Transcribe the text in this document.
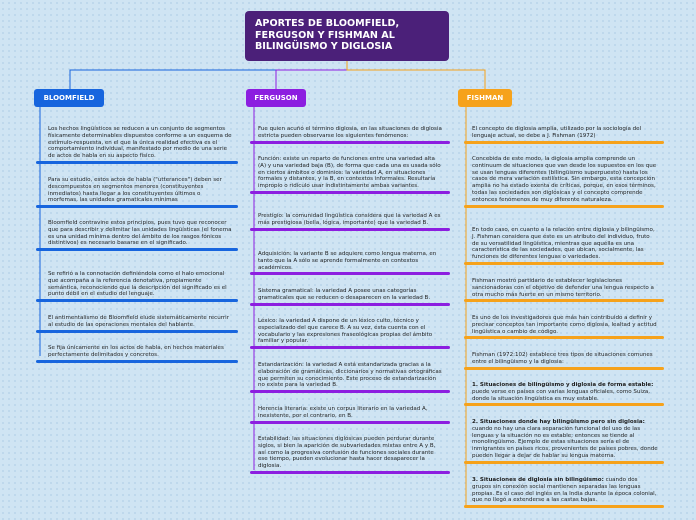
APORTES DE BLOOMFIELD, FERGUSON Y FISHMAN AL BILINGÜISMO Y DIGLOSIA
BLOOMFIELD	FERGUSON	FISHMAN
Los hechos lingüísticos se reducen a un conjunto de segmentos físicamente determinables dispuestos conforme a un esquema de estímulo-respuesta, en el que la única realidad efectiva es el comportamiento individual, manifestado por medio de una serie de actos de habla en su aspecto físico.
Para su estudio, estos actos de habla ("utterances") deben ser descompuestos en segmentos menores (constituyentes inmediatos) hasta llegar a los constituyentes últimos o morfemas, las unidades gramaticales mínimas
Bloomfield contravine estos principios, pues tuvo que reconocer que para describir y delimitar las unidades lingüísticas (el fonema es una unidad mínima dentro del ámbito de los rasgos fónicos distintivos) es necesario basarse en el significado.
Se refirió a la connotación definiéndola como el halo emocional que acompaña a la referencia denotativa, propiamente semántica, reconociendo que la descripción del significado es el punto débil en el estudio del lenguaje.
El antimentalismo de Bloomfield elude sistemáticamente recurrir al estudio de las operaciones mentales del hablante.
Se fija únicamente en los actos de habla, en hechos materiales perfectamente delimitados y concretos.
Fue quien acuñó el término diglosia, en las situaciones de diglosia estricta pueden observarse los siguientes fenómenos:
Función: existe un reparto de funciones entre una variedad alta (A) y una variedad baja (B), de forma que cada una es usada sólo en ciertos ámbitos o dominios: la variedad A, en situaciones formales y distantes, y la B, en contextos informales. Resultaría impropio o ridículo usar indistintamente ambas variantes.
Prestigio: la comunidad lingüística considera que la variedad A es más prestigiosa (bella, lógica, importante) que la variedad B.
Adquisición: la variante B se adquiere como lengua materna, en tanto que la A sólo se aprende formalmente en contextos académicos.
Sistema gramatical: la variedad A posee unas categorías gramaticales que se reducen o desaparecen en la variedad B.
Léxico: la variedad A dispone de un léxico culto, técnico y especializado del que carece B. A su vez, ésta cuenta con el vocabulario y las expresiones fraseológicas propias del ámbito familiar y popular.
Estandarización: la variedad A está estandarizada gracias a la elaboración de gramáticas, diccionarios y normativas ortográficas que permiten su conocimiento. Este proceso de estandarización no existe para la variedad B.
Herencia literaria: existe un corpus literario en la variedad A, inexistente, por el contrario, en B.
Estabilidad: las situaciones diglósicas pueden perdurar durante siglos, si bien la aparición de subvariedades mixtas entre A y B, así como la progresiva confusión de funciones sociales durante ese tiempo, pueden evolucionar hasta hacer desaparecer la diglosia.
El concepto de diglosia amplía, utilizado por la sociología del lenguaje actual, se debe a J. Fishman (1972)
Concebida de este modo, la diglosia amplia comprende un continuum de situaciones que van desde los supuestos en los que se usan lenguas diferentes (bilingüismo superpuesto) hasta los casos de mera variación estilística. Sin embargo, esta concepción amplia no ha estado exenta de críticas, porque, en esos términos, todas las sociedades son diglósicas y el concepto comprende entonces fenómenos de muy diferente naturaleza.
En todo caso, en cuanto a la relación entre diglosia y bilingüismo, J. Fishman considera que éste es un atributo del individuo, fruto de su versatilidad lingüística, mientras que aquélla es una característica de las sociedades, que ubican, socialmente, las funciones de diferentes lenguas o variedades.
Fishman mostró partidario de establecer legislaciones sancionadoras con el objetivo de defender una lengua respecto a otra mucho más fuerte en un mismo territorio.
Es uno de los investigadores que más han contribuido a definir y precisar conceptos tan importante como diglosia, lealtad y actitud lingüística o cambio de código.
Fishman (1972:102) establece tres tipos de situaciones comunes entre el bilingüismo y la diglosia:
1. Situaciones de bilingüismo y diglosia de forma estable: puede verse en países con varias lenguas oficiales, como Suiza, donde la situación lingüística es muy estable.
2. Situaciones donde hay bilingüismo pero sin diglosia: cuando no hay una clara separación funcional del uso de las lenguas y la situación no es estable; entonces se tiende al monolingüismo. Ejemplo de estas situaciones sería el de inmigrantes en países ricos, provenientes de países pobres, donde pueden llegar a dejar de hablar su lengua materna.
3. Situaciones de diglosia sin bilingüismo: cuando dos grupos sin conexión social mantienen separadas las lenguas propias. Es el caso del inglés en la India durante la época colonial, que no llegó a extenderse a las castas bajas.
